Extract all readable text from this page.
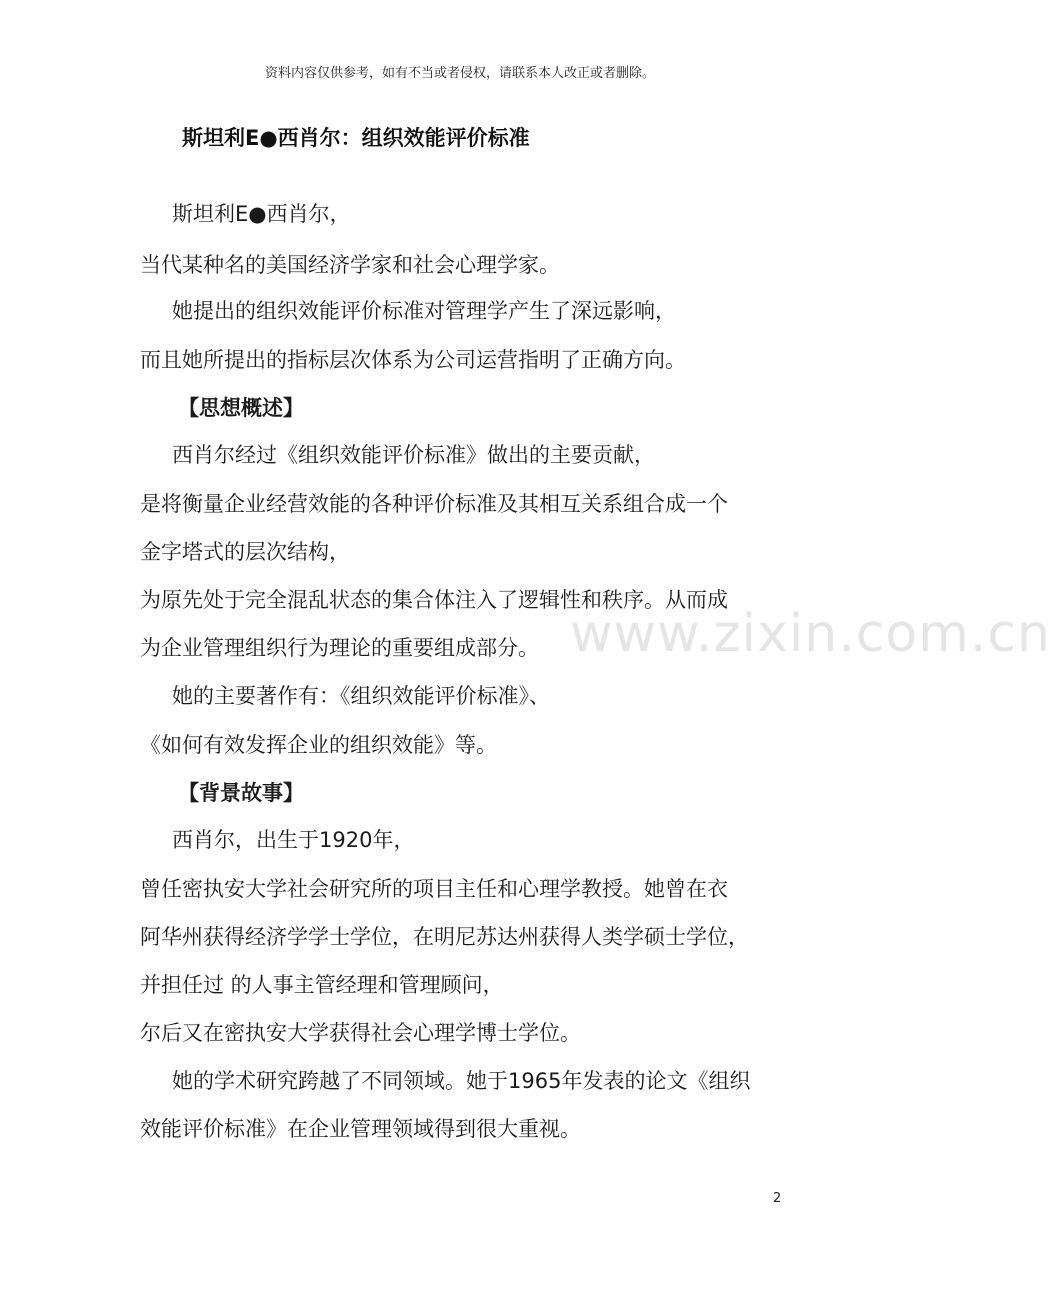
资料内容仅供参考，如有不当或者侵权，请联系本人改正或者删除。
斯坦利E●西肖尔：组织效能评价标准
斯坦利E●西肖尔，
当代某种名的美国经济学家和社会心理学家。
她提出的组织效能评价标准对管理学产生了深远影响，
而且她所提出的指标层次体系为公司运营指明了正确方向。
【思想概述】
西肖尔经过《组织效能评价标准》做出的主要贡献，
是将衡量企业经营效能的各种评价标准及其相互关系组合成一个
金字塔式的层次结构，
为原先处于完全混乱状态的集合体注入了逻辑性和秩序。从而成
为企业管理组织行为理论的重要组成部分。
她的主要著作有：《组织效能评价标准》、
《如何有效发挥企业的组织效能》等。
【背景故事】
西肖尔，出生于1920年，
曾任密执安大学社会研究所的项目主任和心理学教授。她曾在衣
阿华州获得经济学学士学位，在明尼苏达州获得人类学硕士学位，
并担任过 的人事主管经理和管理顾问，
尔后又在密执安大学获得社会心理学博士学位。
她的学术研究跨越了不同领域。她于1965年发表的论文《组织
效能评价标准》在企业管理领域得到很大重视。
www.zixin.com.cn
2
